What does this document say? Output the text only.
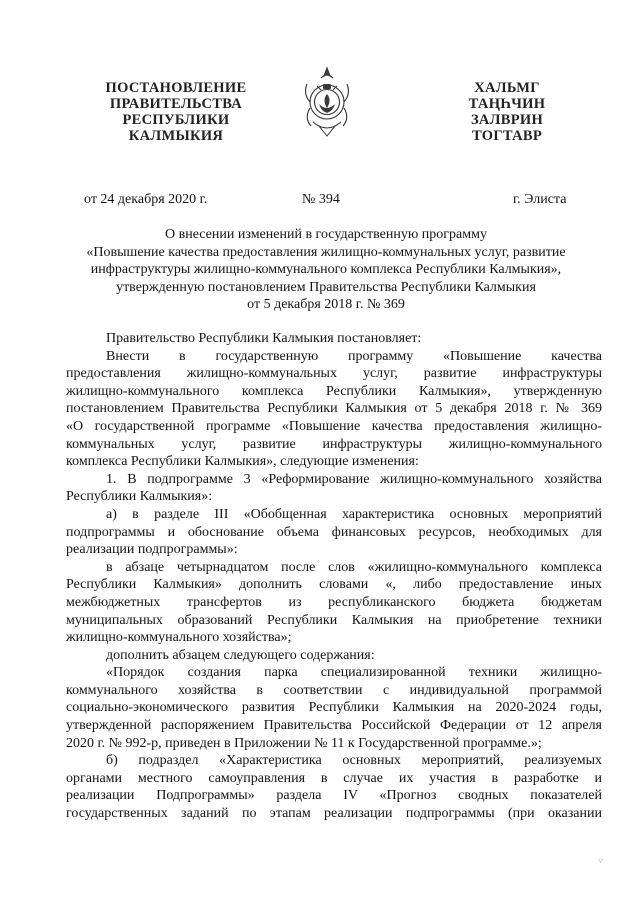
ПОСТАНОВЛЕНИЕ
ПРАВИТЕЛЬСТВА
РЕСПУБЛИКИ
КАЛМЫКИЯ
ХАЛЬМГ
ТАҢҺЧИН
ЗАЛВРИН
ТОГТАВР
от 24 декабря 2020 г.	№ 394	г. Элиста
О внесении изменений в государственную программу
«Повышение качества предоставления жилищно-коммунальных услуг, развитие
инфраструктуры жилищно-коммунального комплекса Республики Калмыкия»,
утвержденную постановлением Правительства Республики Калмыкия
от 5 декабря 2018 г. № 369
Правительство Республики Калмыкия постановляет:
Внести в государственную программу «Повышение качества
предоставления жилищно-коммунальных услуг, развитие инфраструктуры
жилищно-коммунального комплекса Республики Калмыкия», утвержденную
постановлением Правительства Республики Калмыкия от 5 декабря 2018 г. № 369
«О государственной программе «Повышение качества предоставления жилищно-
коммунальных услуг, развитие инфраструктуры жилищно-коммунального
комплекса Республики Калмыкия», следующие изменения:
1. В подпрограмме 3 «Реформирование жилищно-коммунального хозяйства
Республики Калмыкия»:
а) в разделе III «Обобщенная характеристика основных мероприятий
подпрограммы и обоснование объема финансовых ресурсов, необходимых для
реализации подпрограммы»:
в абзаце четырнадцатом после слов «жилищно-коммунального комплекса
Республики Калмыкия» дополнить словами «, либо предоставление иных
межбюджетных трансфертов из республиканского бюджета бюджетам
муниципальных образований Республики Калмыкия на приобретение техники
жилищно-коммунального хозяйства»;
дополнить абзацем следующего содержания:
«Порядок создания парка специализированной техники жилищно-
коммунального хозяйства в соответствии с индивидуальной программой
социально-экономического развития Республики Калмыкия на 2020-2024 годы,
утвержденной распоряжением Правительства Российской Федерации от 12 апреля
2020 г. № 992-р, приведен в Приложении № 11 к Государственной программе.»;
б) подраздел «Характеристика основных мероприятий, реализуемых
органами местного самоуправления в случае их участия в разработке и
реализации Подпрограммы» раздела IV «Прогноз сводных показателей
государственных заданий по этапам реализации подпрограммы (при оказании
˅
